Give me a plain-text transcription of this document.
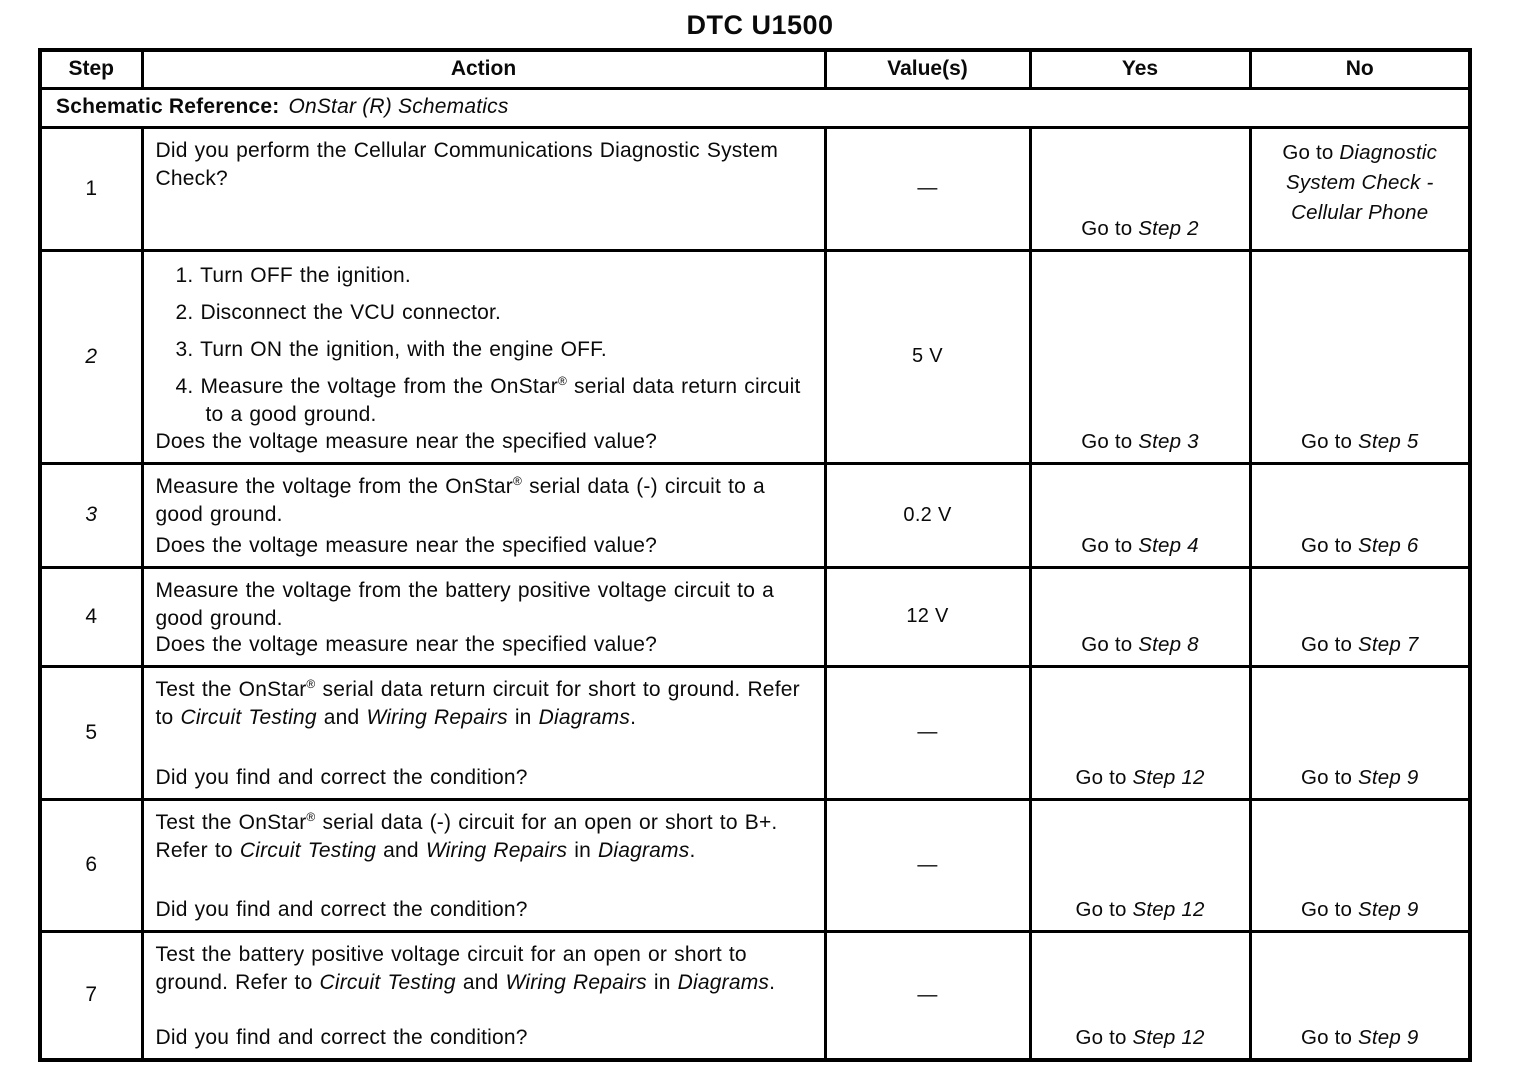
DTC U1500
Step	Action	Value(s)	Yes	No
Schematic Reference: OnStar (R) Schematics				
1	Did you perform the Cellular Communications Diagnostic System Check?	—	Go to Step 2	Go to Diagnostic System Check - Cellular Phone
2	1. Turn OFF the ignition.
2. Disconnect the VCU connector.
3. Turn ON the ignition, with the engine OFF.
4. Measure the voltage from the OnStar® serial data return circuit to a good ground.
Does the voltage measure near the specified value?	5 V	Go to Step 3	Go to Step 5
3	Measure the voltage from the OnStar® serial data (-) circuit to a good ground.
Does the voltage measure near the specified value?	0.2 V	Go to Step 4	Go to Step 6
4	Measure the voltage from the battery positive voltage circuit to a good ground.
Does the voltage measure near the specified value?	12 V	Go to Step 8	Go to Step 7
5	Test the OnStar® serial data return circuit for short to ground. Refer to Circuit Testing and Wiring Repairs in Diagrams.
Did you find and correct the condition?	—	Go to Step 12	Go to Step 9
6	Test the OnStar® serial data (-) circuit for an open or short to B+. Refer to Circuit Testing and Wiring Repairs in Diagrams.
Did you find and correct the condition?	—	Go to Step 12	Go to Step 9
7	Test the battery positive voltage circuit for an open or short to ground. Refer to Circuit Testing and Wiring Repairs in Diagrams.
Did you find and correct the condition?	—	Go to Step 12	Go to Step 9
